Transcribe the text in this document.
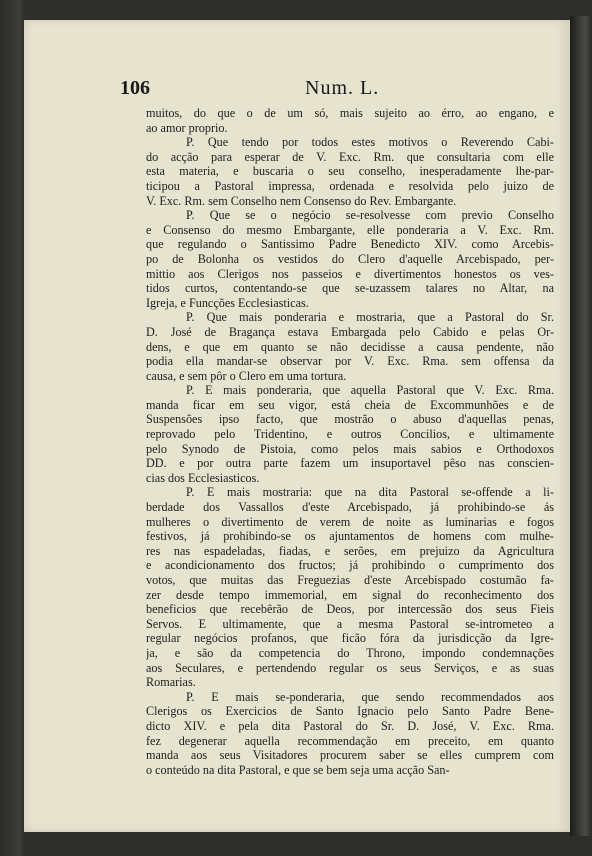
106	Num. L.
muitos, do que o de um só, mais sujeito ao érro, ao engano, e
ao amor proprio.
P. Que tendo por todos estes motivos o Reverendo Cabi-
do acção para esperar de V. Exc. Rm. que consultaria com elle
esta materia, e buscaria o seu conselho, inesperadamente lhe-par-
ticipou a Pastoral impressa, ordenada e resolvida pelo juizo de
V. Exc. Rm. sem Conselho nem Consenso do Rev. Embargante.
P. Que se o negócio se-resolvesse com previo Conselho
e Consenso do mesmo Embargante, elle ponderaria a V. Exc. Rm.
que regulando o Santissimo Padre Benedicto XIV. como Arcebis-
po de Bolonha os vestidos do Clero d'aquelle Arcebispado, per-
mittio aos Clerigos nos passeios e divertimentos honestos os ves-
tidos curtos, contentando-se que se-uzassem talares no Altar, na
Igreja, e Funcções Ecclesiasticas.
P. Que mais ponderaria e mostraria, que a Pastoral do Sr.
D. José de Bragança estava Embargada pelo Cabido e pelas Or-
dens, e que em quanto se não decidisse a causa pendente, não
podia ella mandar-se observar por V. Exc. Rma. sem offensa da
causa, e sem pôr o Clero em uma tortura.
P. E mais ponderaria, que aquella Pastoral que V. Exc. Rma.
manda ficar em seu vigor, está cheia de Excommunhões e de
Suspensões ipso facto, que mostrão o abuso d'aquellas penas,
reprovado pelo Tridentino, e outros Concilios, e ultimamente
pelo Synodo de Pistoia, como pelos mais sabios e Orthodoxos
DD. e por outra parte fazem um insuportavel pêso nas conscien-
cias dos Ecclesiasticos.
P. E mais mostraria: que na dita Pastoral se-offende a li-
berdade dos Vassallos d'este Arcebispado, já prohibindo-se ás
mulheres o divertimento de verem de noite as luminarias e fogos
festivos, já prohibindo-se os ajuntamentos de homens com mulhe-
res nas espadeladas, fiadas, e serões, em prejuizo da Agricultura
e acondicionamento dos fructos; já prohibindo o cumprimento dos
votos, que muitas das Freguezias d'este Arcebispado costumão fa-
zer desde tempo immemorial, em signal do reconhecimento dos
beneficios que recebêrão de Deos, por intercessão dos seus Fieis
Servos. E ultimamente, que a mesma Pastoral se-intrometeo a
regular negócios profanos, que ficão fóra da jurisdicção da Igre-
ja, e são da competencia do Throno, impondo condemnações
aos Seculares, e pertendendo regular os seus Serviços, e as suas
Romarias.
P. E mais se-ponderaria, que sendo recommendados aos
Clerigos os Exercicios de Santo Ignacio pelo Santo Padre Bene-
dicto XIV. e pela dita Pastoral do Sr. D. José, V. Exc. Rma.
fez degenerar aquella recommendação em preceito, em quanto
manda aos seus Visitadores procurem saber se elles cumprem com
o conteúdo na dita Pastoral, e que se bem seja uma acção San-
